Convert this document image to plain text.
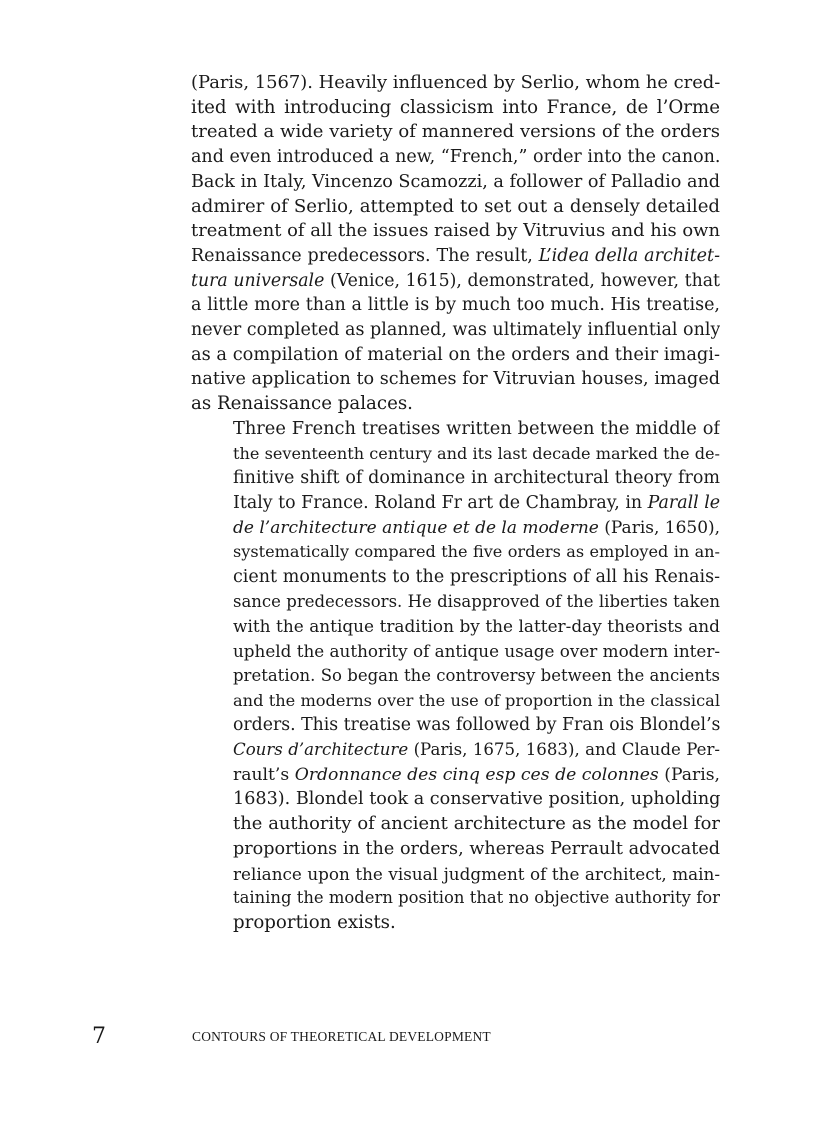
(Paris, 1567). Heavily influenced by Serlio, whom he cred-
ited with introducing classicism into France, de l’Orme
treated a wide variety of mannered versions of the orders
and even introduced a new, “French,” order into the canon.
Back in Italy, Vincenzo Scamozzi, a follower of Palladio and
admirer of Serlio, attempted to set out a densely detailed
treatment of all the issues raised by Vitruvius and his own
Renaissance predecessors. The result, L’idea della architet-
tura universale (Venice, 1615), demonstrated, however, that
a little more than a little is by much too much. His treatise,
never completed as planned, was ultimately influential only
as a compilation of material on the orders and their imagi-
native application to schemes for Vitruvian houses, imaged
as Renaissance palaces.
Three French treatises written between the middle of
the seventeenth century and its last decade marked the de-
finitive shift of dominance in architectural theory from
Italy to France. Roland Fr art de Chambray, in Parall le
de l’architecture antique et de la moderne (Paris, 1650),
systematically compared the five orders as employed in an-
cient monuments to the prescriptions of all his Renais-
sance predecessors. He disapproved of the liberties taken
with the antique tradition by the latter-day theorists and
upheld the authority of antique usage over modern inter-
pretation. So began the controversy between the ancients
and the moderns over the use of proportion in the classical
orders. This treatise was followed by Fran ois Blondel’s
Cours d’architecture (Paris, 1675, 1683), and Claude Per-
rault’s Ordonnance des cinq esp ces de colonnes (Paris,
1683). Blondel took a conservative position, upholding
the authority of ancient architecture as the model for
proportions in the orders, whereas Perrault advocated
reliance upon the visual judgment of the architect, main-
taining the modern position that no objective authority for
proportion exists.
7	CONTOURS OF THEORETICAL DEVELOPMENT
